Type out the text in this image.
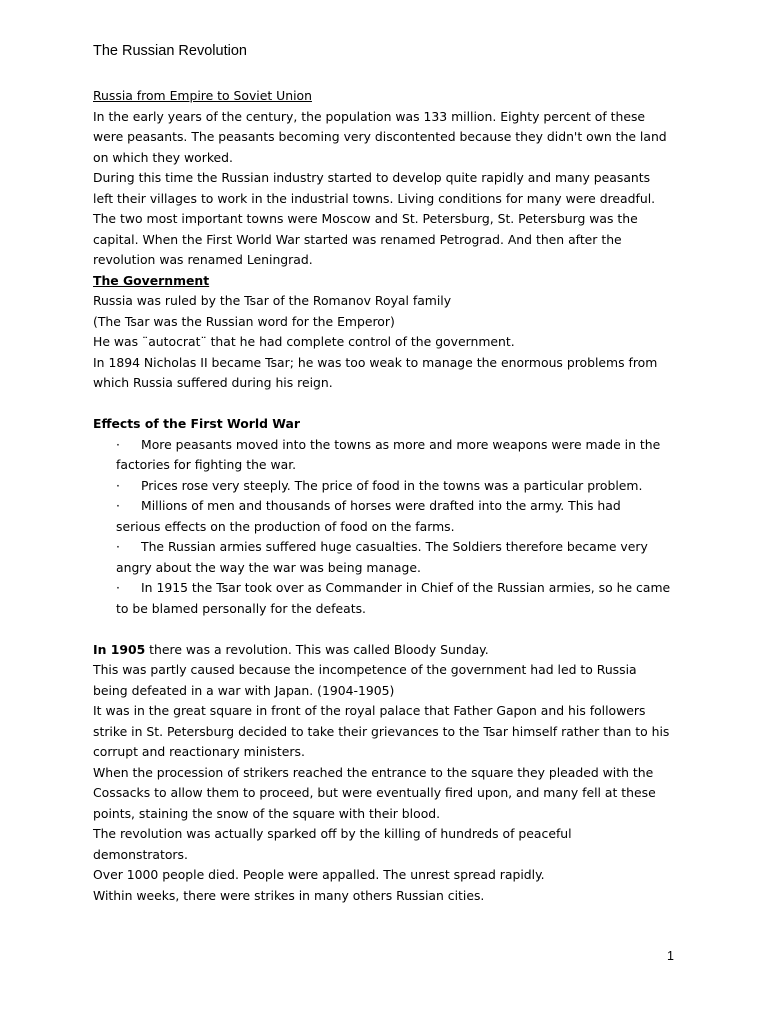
The Russian Revolution
Russia from Empire to Soviet Union
In the early years of the century, the population was 133 million. Eighty percent of these
were peasants. The peasants becoming very discontented because they didn't own the land
on which they worked.
During this time the Russian industry started to develop quite rapidly and many peasants
left their villages to work in the industrial towns. Living conditions for many were dreadful.
The two most important towns were Moscow and St. Petersburg, St. Petersburg was the
capital. When the First World War started was renamed Petrograd. And then after the
revolution was renamed Leningrad.
The Government
Russia was ruled by the Tsar of the Romanov Royal family
(The Tsar was the Russian word for the Emperor)
He was ¨autocrat¨ that he had complete control of the government.
In 1894 Nicholas II became Tsar; he was too weak to manage the enormous problems from
which Russia suffered during his reign.
Effects of the First World War
· More peasants moved into the towns as more and more weapons were made in the
factories for fighting the war.
· Prices rose very steeply. The price of food in the towns was a particular problem.
· Millions of men and thousands of horses were drafted into the army. This had
serious effects on the production of food on the farms.
· The Russian armies suffered huge casualties. The Soldiers therefore became very
angry about the way the war was being manage.
· In 1915 the Tsar took over as Commander in Chief of the Russian armies, so he came
to be blamed personally for the defeats.
In 1905 there was a revolution. This was called Bloody Sunday.
This was partly caused because the incompetence of the government had led to Russia
being defeated in a war with Japan. (1904-1905)
It was in the great square in front of the royal palace that Father Gapon and his followers
strike in St. Petersburg decided to take their grievances to the Tsar himself rather than to his
corrupt and reactionary ministers.
When the procession of strikers reached the entrance to the square they pleaded with the
Cossacks to allow them to proceed, but were eventually fired upon, and many fell at these
points, staining the snow of the square with their blood.
The revolution was actually sparked off by the killing of hundreds of peaceful
demonstrators.
Over 1000 people died. People were appalled. The unrest spread rapidly.
Within weeks, there were strikes in many others Russian cities.
1
